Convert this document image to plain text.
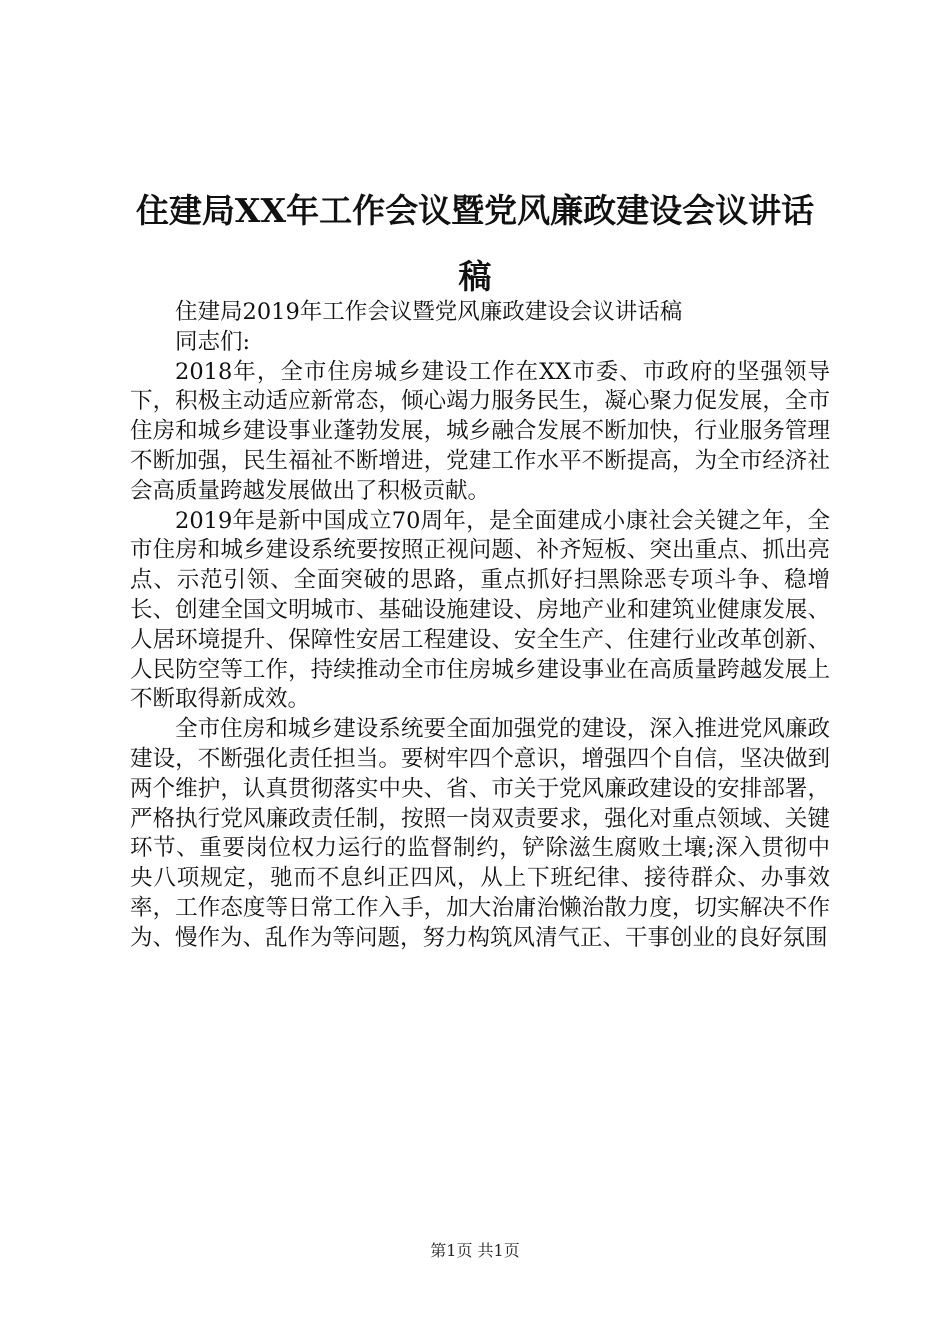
住建局XX年工作会议暨党风廉政建设会议讲话稿

住建局2019年工作会议暨党风廉政建设会议讲话稿

同志们:

2018年，全市住房城乡建设工作在XX市委、市政府的坚强领导下，积极主动适应新常态，倾心竭力服务民生，凝心聚力促发展，全市住房和城乡建设事业蓬勃发展，城乡融合发展不断加快，行业服务管理不断加强，民生福祉不断增进，党建工作水平不断提高，为全市经济社会高质量跨越发展做出了积极贡献。

2019年是新中国成立70周年，是全面建成小康社会关键之年，全市住房和城乡建设系统要按照正视问题、补齐短板、突出重点、抓出亮点、示范引领、全面突破的思路，重点抓好扫黑除恶专项斗争、稳增长、创建全国文明城市、基础设施建设、房地产业和建筑业健康发展、人居环境提升、保障性安居工程建设、安全生产、住建行业改革创新、人民防空等工作，持续推动全市住房城乡建设事业在高质量跨越发展上不断取得新成效。

全市住房和城乡建设系统要全面加强党的建设，深入推进党风廉政建设，不断强化责任担当。要树牢四个意识，增强四个自信，坚决做到两个维护，认真贯彻落实中央、省、市关于党风廉政建设的安排部署，严格执行党风廉政责任制，按照一岗双责要求，强化对重点领域、关键环节、重要岗位权力运行的监督制约，铲除滋生腐败土壤;深入贯彻中央八项规定，驰而不息纠正四风，从上下班纪律、接待群众、办事效率，工作态度等日常工作入手，加大治庸治懒治散力度，切实解决不作为、慢作为、乱作为等问题，努力构筑风清气正、干事创业的良好氛围

第1页 共1页
